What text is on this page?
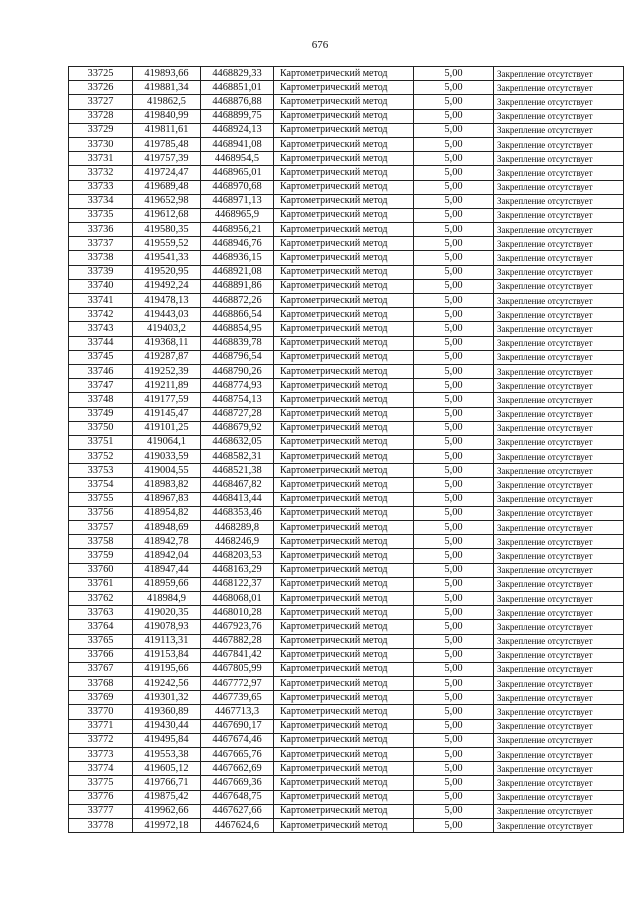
676
33725	419893,66	4468829,33	Картометрический метод	5,00	Закрепление отсутствует
33726	419881,34	4468851,01	Картометрический метод	5,00	Закрепление отсутствует
33727	419862,5	4468876,88	Картометрический метод	5,00	Закрепление отсутствует
33728	419840,99	4468899,75	Картометрический метод	5,00	Закрепление отсутствует
33729	419811,61	4468924,13	Картометрический метод	5,00	Закрепление отсутствует
33730	419785,48	4468941,08	Картометрический метод	5,00	Закрепление отсутствует
33731	419757,39	4468954,5	Картометрический метод	5,00	Закрепление отсутствует
33732	419724,47	4468965,01	Картометрический метод	5,00	Закрепление отсутствует
33733	419689,48	4468970,68	Картометрический метод	5,00	Закрепление отсутствует
33734	419652,98	4468971,13	Картометрический метод	5,00	Закрепление отсутствует
33735	419612,68	4468965,9	Картометрический метод	5,00	Закрепление отсутствует
33736	419580,35	4468956,21	Картометрический метод	5,00	Закрепление отсутствует
33737	419559,52	4468946,76	Картометрический метод	5,00	Закрепление отсутствует
33738	419541,33	4468936,15	Картометрический метод	5,00	Закрепление отсутствует
33739	419520,95	4468921,08	Картометрический метод	5,00	Закрепление отсутствует
33740	419492,24	4468891,86	Картометрический метод	5,00	Закрепление отсутствует
33741	419478,13	4468872,26	Картометрический метод	5,00	Закрепление отсутствует
33742	419443,03	4468866,54	Картометрический метод	5,00	Закрепление отсутствует
33743	419403,2	4468854,95	Картометрический метод	5,00	Закрепление отсутствует
33744	419368,11	4468839,78	Картометрический метод	5,00	Закрепление отсутствует
33745	419287,87	4468796,54	Картометрический метод	5,00	Закрепление отсутствует
33746	419252,39	4468790,26	Картометрический метод	5,00	Закрепление отсутствует
33747	419211,89	4468774,93	Картометрический метод	5,00	Закрепление отсутствует
33748	419177,59	4468754,13	Картометрический метод	5,00	Закрепление отсутствует
33749	419145,47	4468727,28	Картометрический метод	5,00	Закрепление отсутствует
33750	419101,25	4468679,92	Картометрический метод	5,00	Закрепление отсутствует
33751	419064,1	4468632,05	Картометрический метод	5,00	Закрепление отсутствует
33752	419033,59	4468582,31	Картометрический метод	5,00	Закрепление отсутствует
33753	419004,55	4468521,38	Картометрический метод	5,00	Закрепление отсутствует
33754	418983,82	4468467,82	Картометрический метод	5,00	Закрепление отсутствует
33755	418967,83	4468413,44	Картометрический метод	5,00	Закрепление отсутствует
33756	418954,82	4468353,46	Картометрический метод	5,00	Закрепление отсутствует
33757	418948,69	4468289,8	Картометрический метод	5,00	Закрепление отсутствует
33758	418942,78	4468246,9	Картометрический метод	5,00	Закрепление отсутствует
33759	418942,04	4468203,53	Картометрический метод	5,00	Закрепление отсутствует
33760	418947,44	4468163,29	Картометрический метод	5,00	Закрепление отсутствует
33761	418959,66	4468122,37	Картометрический метод	5,00	Закрепление отсутствует
33762	418984,9	4468068,01	Картометрический метод	5,00	Закрепление отсутствует
33763	419020,35	4468010,28	Картометрический метод	5,00	Закрепление отсутствует
33764	419078,93	4467923,76	Картометрический метод	5,00	Закрепление отсутствует
33765	419113,31	4467882,28	Картометрический метод	5,00	Закрепление отсутствует
33766	419153,84	4467841,42	Картометрический метод	5,00	Закрепление отсутствует
33767	419195,66	4467805,99	Картометрический метод	5,00	Закрепление отсутствует
33768	419242,56	4467772,97	Картометрический метод	5,00	Закрепление отсутствует
33769	419301,32	4467739,65	Картометрический метод	5,00	Закрепление отсутствует
33770	419360,89	4467713,3	Картометрический метод	5,00	Закрепление отсутствует
33771	419430,44	4467690,17	Картометрический метод	5,00	Закрепление отсутствует
33772	419495,84	4467674,46	Картометрический метод	5,00	Закрепление отсутствует
33773	419553,38	4467665,76	Картометрический метод	5,00	Закрепление отсутствует
33774	419605,12	4467662,69	Картометрический метод	5,00	Закрепление отсутствует
33775	419766,71	4467669,36	Картометрический метод	5,00	Закрепление отсутствует
33776	419875,42	4467648,75	Картометрический метод	5,00	Закрепление отсутствует
33777	419962,66	4467627,66	Картометрический метод	5,00	Закрепление отсутствует
33778	419972,18	4467624,6	Картометрический метод	5,00	Закрепление отсутствует
